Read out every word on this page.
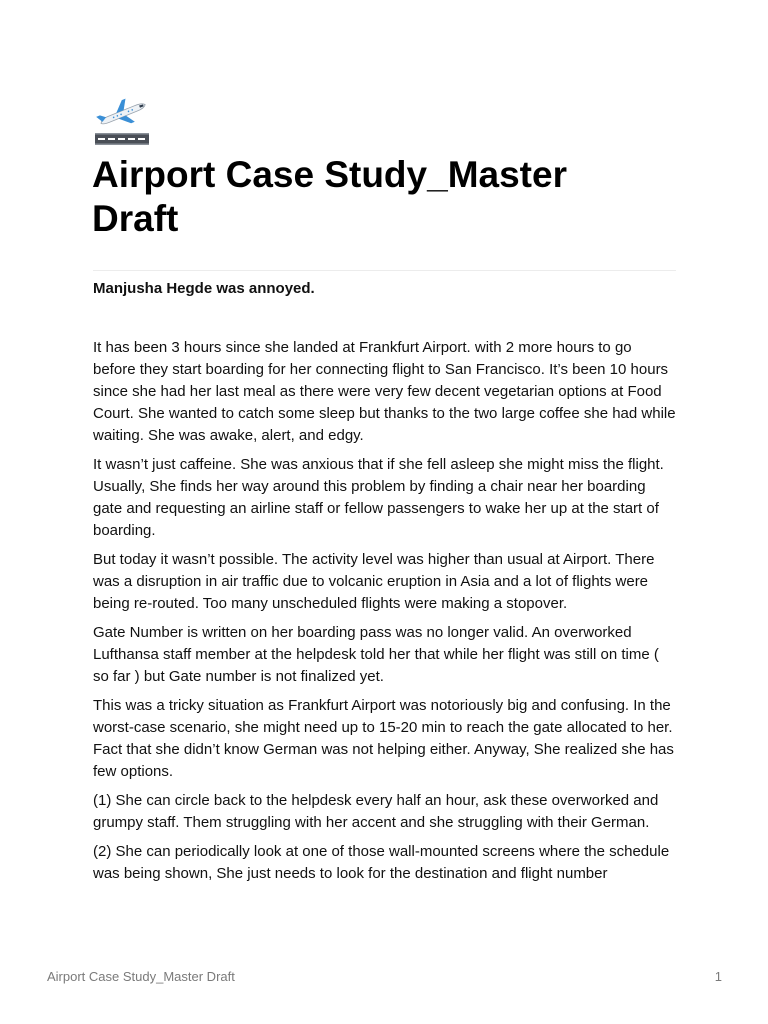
Airport Case Study_Master Draft

Manjusha Hegde was annoyed.

It has been 3 hours since she landed at Frankfurt Airport. with 2 more hours to go before they start boarding for her connecting flight to San Francisco. It’s been 10 hours since she had her last meal as there were very few decent vegetarian options at Food Court. She wanted to catch some sleep but thanks to the two large coffee she had while waiting. She was awake, alert, and edgy.

It wasn’t just caffeine. She was anxious that if she fell asleep she might miss the flight. Usually, She finds her way around this problem by finding a chair near her boarding gate and requesting an airline staff or fellow passengers to wake her up at the start of boarding.

But today it wasn’t possible. The activity level was higher than usual at Airport. There was a disruption in air traffic due to volcanic eruption in Asia and a lot of flights were being re-routed. Too many unscheduled flights were making a stopover.

Gate Number is written on her boarding pass was no longer valid. An overworked Lufthansa staff member at the helpdesk told her that while her flight was still on time ( so far ) but Gate number is not finalized yet.

This was a tricky situation as Frankfurt Airport was notoriously big and confusing. In the worst-case scenario, she might need up to 15-20 min to reach the gate allocated to her. Fact that she didn’t know German was not helping either. Anyway, She realized she has few options.

(1) She can circle back to the helpdesk every half an hour, ask these overworked and grumpy staff. Them struggling with her accent and she struggling with their German.

(2) She can periodically look at one of those wall-mounted screens where the schedule was being shown, She just needs to look for the destination and flight number

Airport Case Study_Master Draft	1
